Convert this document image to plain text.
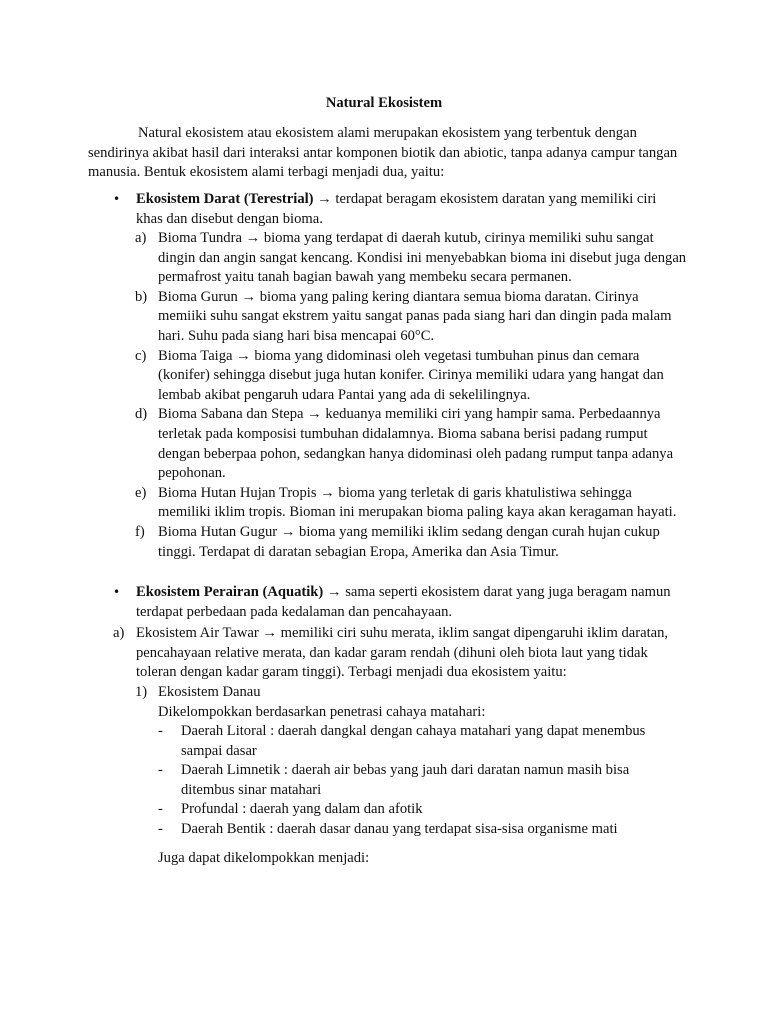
Natural Ekosistem
Natural ekosistem atau ekosistem alami merupakan ekosistem yang terbentuk dengan sendirinya akibat hasil dari interaksi antar komponen biotik dan abiotic, tanpa adanya campur tangan manusia. Bentuk ekosistem alami terbagi menjadi dua, yaitu:
• Ekosistem Darat (Terestrial) → terdapat beragam ekosistem daratan yang memiliki ciri khas dan disebut dengan bioma.
a) Bioma Tundra → bioma yang terdapat di daerah kutub, cirinya memiliki suhu sangat dingin dan angin sangat kencang. Kondisi ini menyebabkan bioma ini disebut juga dengan permafrost yaitu tanah bagian bawah yang membeku secara permanen.
b) Bioma Gurun → bioma yang paling kering diantara semua bioma daratan. Cirinya memiiki suhu sangat ekstrem yaitu sangat panas pada siang hari dan dingin pada malam hari. Suhu pada siang hari bisa mencapai 60°C.
c) Bioma Taiga → bioma yang didominasi oleh vegetasi tumbuhan pinus dan cemara (konifer) sehingga disebut juga hutan konifer. Cirinya memiliki udara yang hangat dan lembab akibat pengaruh udara Pantai yang ada di sekelilingnya.
d) Bioma Sabana dan Stepa → keduanya memiliki ciri yang hampir sama. Perbedaannya terletak pada komposisi tumbuhan didalamnya. Bioma sabana berisi padang rumput dengan beberpaa pohon, sedangkan hanya didominasi oleh padang rumput tanpa adanya pepohonan.
e) Bioma Hutan Hujan Tropis → bioma yang terletak di garis khatulistiwa sehingga memiliki iklim tropis. Bioman ini merupakan bioma paling kaya akan keragaman hayati.
f) Bioma Hutan Gugur → bioma yang memiliki iklim sedang dengan curah hujan cukup tinggi. Terdapat di daratan sebagian Eropa, Amerika dan Asia Timur.
• Ekosistem Perairan (Aquatik) → sama seperti ekosistem darat yang juga beragam namun terdapat perbedaan pada kedalaman dan pencahayaan.
a) Ekosistem Air Tawar → memiliki ciri suhu merata, iklim sangat dipengaruhi iklim daratan, pencahayaan relative merata, dan kadar garam rendah (dihuni oleh biota laut yang tidak toleran dengan kadar garam tinggi). Terbagi menjadi dua ekosistem yaitu:
1) Ekosistem Danau
Dikelompokkan berdasarkan penetrasi cahaya matahari:
- Daerah Litoral : daerah dangkal dengan cahaya matahari yang dapat menembus sampai dasar
- Daerah Limnetik : daerah air bebas yang jauh dari daratan namun masih bisa ditembus sinar matahari
- Profundal : daerah yang dalam dan afotik
- Daerah Bentik : daerah dasar danau yang terdapat sisa-sisa organisme mati
Juga dapat dikelompokkan menjadi:
